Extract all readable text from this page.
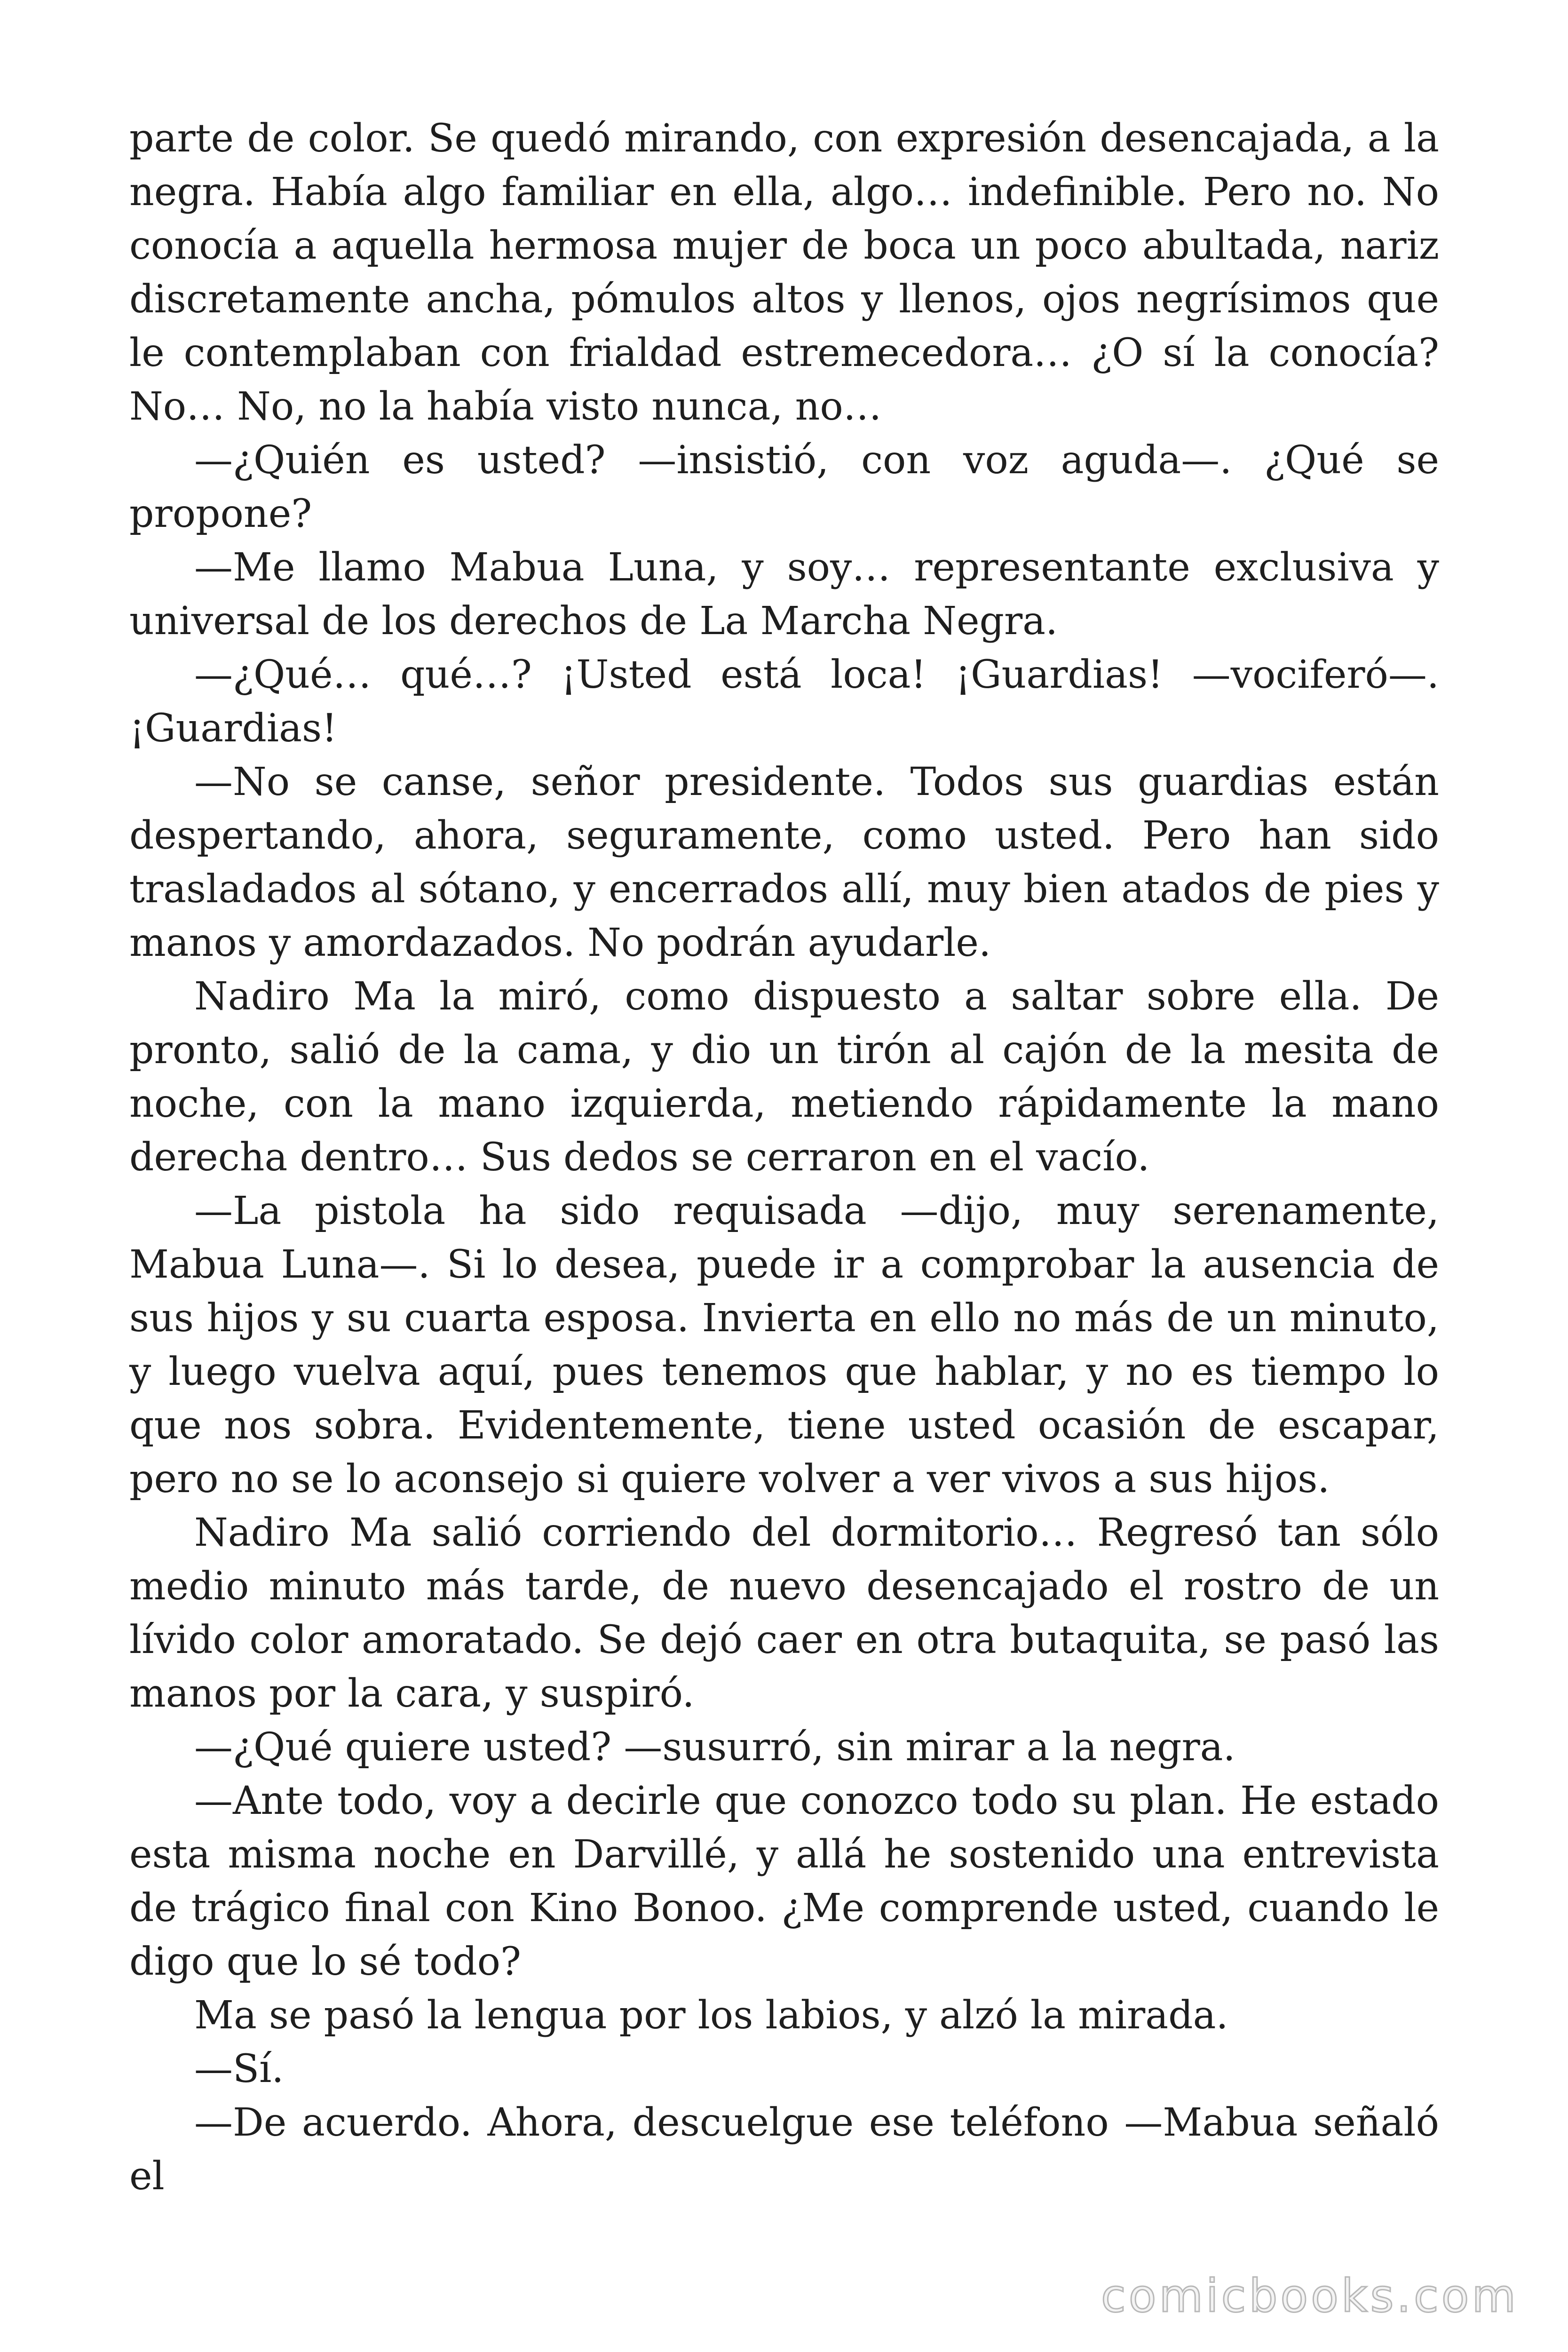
parte de color. Se quedó mirando, con expresión desencajada, a la negra. Había algo familiar en ella, algo… indefinible. Pero no. No conocía a aquella hermosa mujer de boca un poco abultada, nariz discretamente ancha, pómulos altos y llenos, ojos negrísimos que le contemplaban con frialdad estremecedora… ¿O sí la conocía? No… No, no la había visto nunca, no…

—¿Quién es usted? —insistió, con voz aguda—. ¿Qué se propone?

—Me llamo Mabua Luna, y soy… representante exclusiva y universal de los derechos de La Marcha Negra.

—¿Qué… qué…? ¡Usted está loca! ¡Guardias! —vociferó—. ¡Guardias!

—No se canse, señor presidente. Todos sus guardias están despertando, ahora, seguramente, como usted. Pero han sido trasladados al sótano, y encerrados allí, muy bien atados de pies y manos y amordazados. No podrán ayudarle.

Nadiro Ma la miró, como dispuesto a saltar sobre ella. De pronto, salió de la cama, y dio un tirón al cajón de la mesita de noche, con la mano izquierda, metiendo rápidamente la mano derecha dentro… Sus dedos se cerraron en el vacío.

—La pistola ha sido requisada —dijo, muy serenamente, Mabua Luna—. Si lo desea, puede ir a comprobar la ausencia de sus hijos y su cuarta esposa. Invierta en ello no más de un minuto, y luego vuelva aquí, pues tenemos que hablar, y no es tiempo lo que nos sobra. Evidentemente, tiene usted ocasión de escapar, pero no se lo aconsejo si quiere volver a ver vivos a sus hijos.

Nadiro Ma salió corriendo del dormitorio… Regresó tan sólo medio minuto más tarde, de nuevo desencajado el rostro de un lívido color amoratado. Se dejó caer en otra butaquita, se pasó las manos por la cara, y suspiró.

—¿Qué quiere usted? —susurró, sin mirar a la negra.

—Ante todo, voy a decirle que conozco todo su plan. He estado esta misma noche en Darvillé, y allá he sostenido una entrevista de trágico final con Kino Bonoo. ¿Me comprende usted, cuando le digo que lo sé todo?

Ma se pasó la lengua por los labios, y alzó la mirada.

—Sí.

—De acuerdo. Ahora, descuelgue ese teléfono —Mabua señaló el

comicbooks.com
